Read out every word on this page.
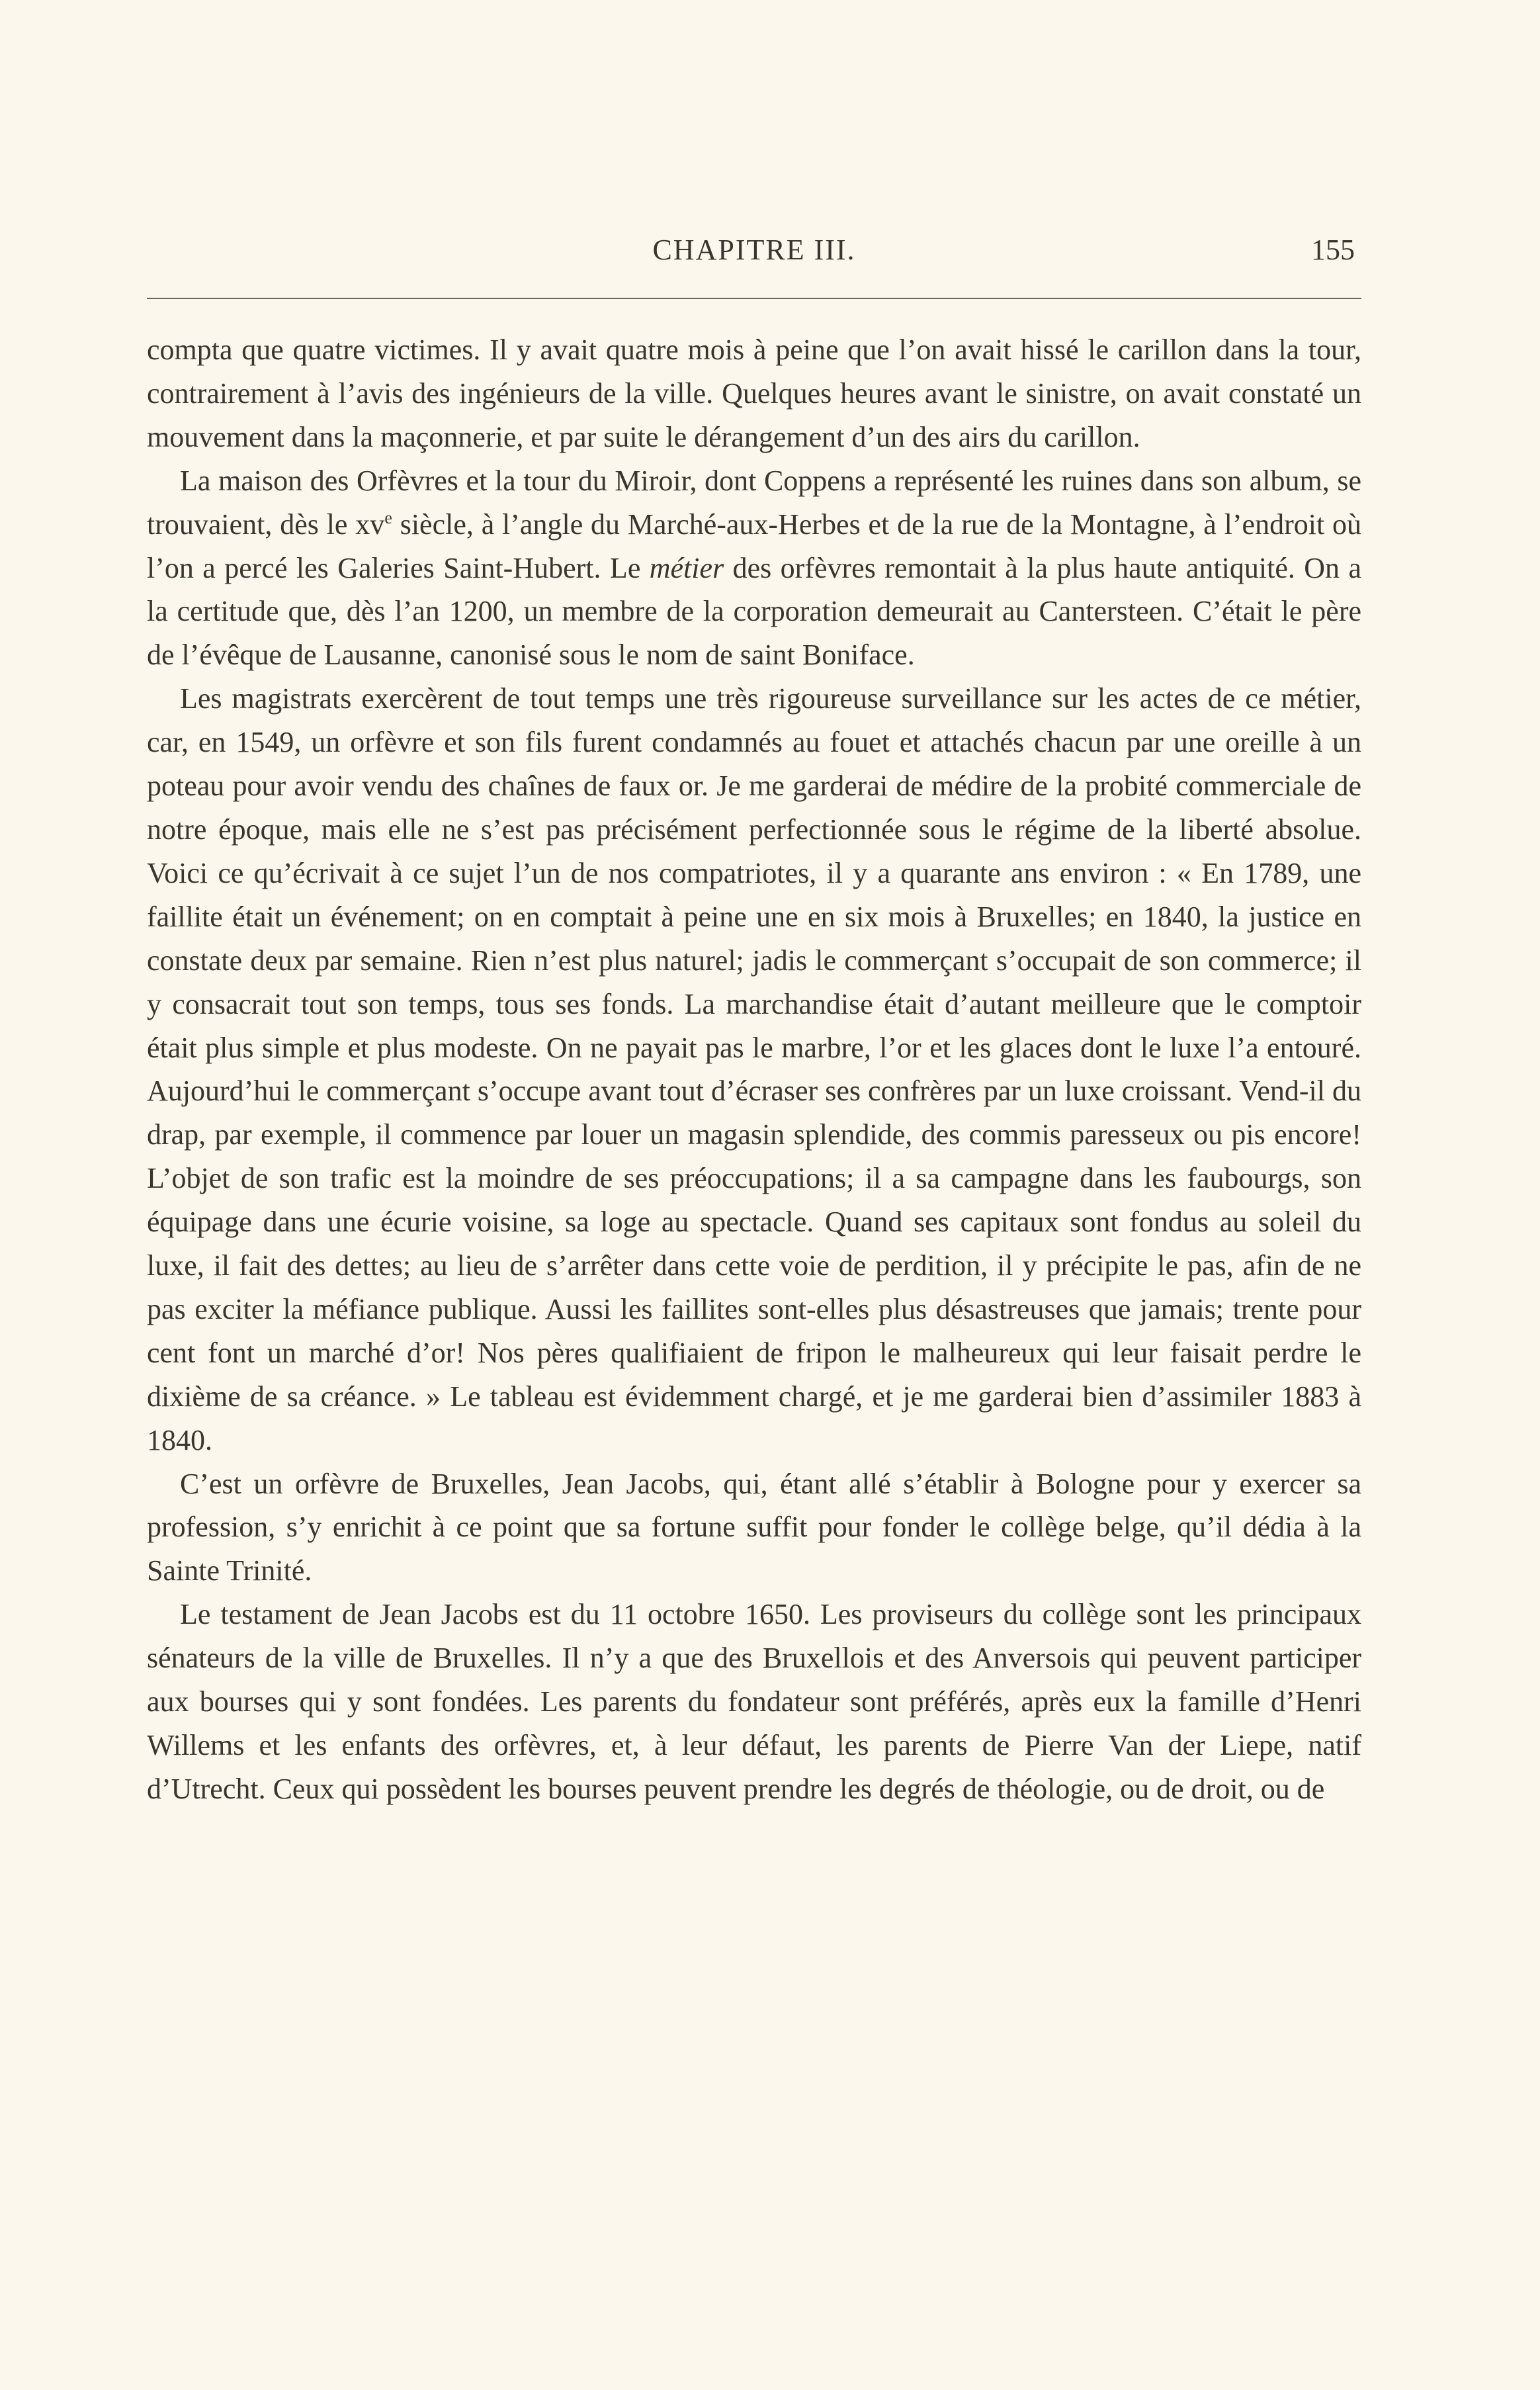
CHAPITRE III.	155

compta que quatre victimes. Il y avait quatre mois à peine que l’on avait hissé le carillon dans la tour, contrairement à l’avis des ingénieurs de la ville. Quelques heures avant le sinistre, on avait constaté un mouvement dans la maçonnerie, et par suite le dérangement d’un des airs du carillon.

La maison des Orfèvres et la tour du Miroir, dont Coppens a représenté les ruines dans son album, se trouvaient, dès le $xv^e$ siècle, à l’angle du Marché-aux-Herbes et de la rue de la Montagne, à l’endroit où l’on a percé les Galeries Saint-Hubert. Le métier des orfèvres remontait à la plus haute antiquité. On a la certitude que, dès l’an 1200, un membre de la corporation demeurait au Cantersteen. C’était le père de l’évêque de Lausanne, canonisé sous le nom de saint Boniface.

Les magistrats exercèrent de tout temps une très rigoureuse surveillance sur les actes de ce métier, car, en 1549, un orfèvre et son fils furent condamnés au fouet et attachés chacun par une oreille à un poteau pour avoir vendu des chaînes de faux or. Je me garderai de médire de la probité commerciale de notre époque, mais elle ne s’est pas précisément perfectionnée sous le régime de la liberté absolue. Voici ce qu’écrivait à ce sujet l’un de nos compatriotes, il y a quarante ans environ : « En 1789, une faillite était un événement; on en comptait à peine une en six mois à Bruxelles; en 1840, la justice en constate deux par semaine. Rien n’est plus naturel; jadis le commerçant s’occupait de son commerce; il y consacrait tout son temps, tous ses fonds. La marchandise était d’autant meilleure que le comptoir était plus simple et plus modeste. On ne payait pas le marbre, l’or et les glaces dont le luxe l’a entouré. Aujourd’hui le commerçant s’occupe avant tout d’écraser ses confrères par un luxe croissant. Vend-il du drap, par exemple, il commence par louer un magasin splendide, des commis paresseux ou pis encore! L’objet de son trafic est la moindre de ses préoccupations; il a sa campagne dans les faubourgs, son équipage dans une écurie voisine, sa loge au spectacle. Quand ses capitaux sont fondus au soleil du luxe, il fait des dettes; au lieu de s’arrêter dans cette voie de perdition, il y précipite le pas, afin de ne pas exciter la méfiance publique. Aussi les faillites sont-elles plus désastreuses que jamais; trente pour cent font un marché d’or! Nos pères qualifiaient de fripon le malheureux qui leur faisait perdre le dixième de sa créance. » Le tableau est évidemment chargé, et je me garderai bien d’assimiler 1883 à 1840.

C’est un orfèvre de Bruxelles, Jean Jacobs, qui, étant allé s’établir à Bologne pour y exercer sa profession, s’y enrichit à ce point que sa fortune suffit pour fonder le collège belge, qu’il dédia à la Sainte Trinité.

Le testament de Jean Jacobs est du 11 octobre 1650. Les proviseurs du collège sont les principaux sénateurs de la ville de Bruxelles. Il n’y a que des Bruxellois et des Anversois qui peuvent participer aux bourses qui y sont fondées. Les parents du fondateur sont préférés, après eux la famille d’Henri Willems et les enfants des orfèvres, et, à leur défaut, les parents de Pierre Van der Liepe, natif d’Utrecht. Ceux qui possèdent les bourses peuvent prendre les degrés de théologie, ou de droit, ou de
